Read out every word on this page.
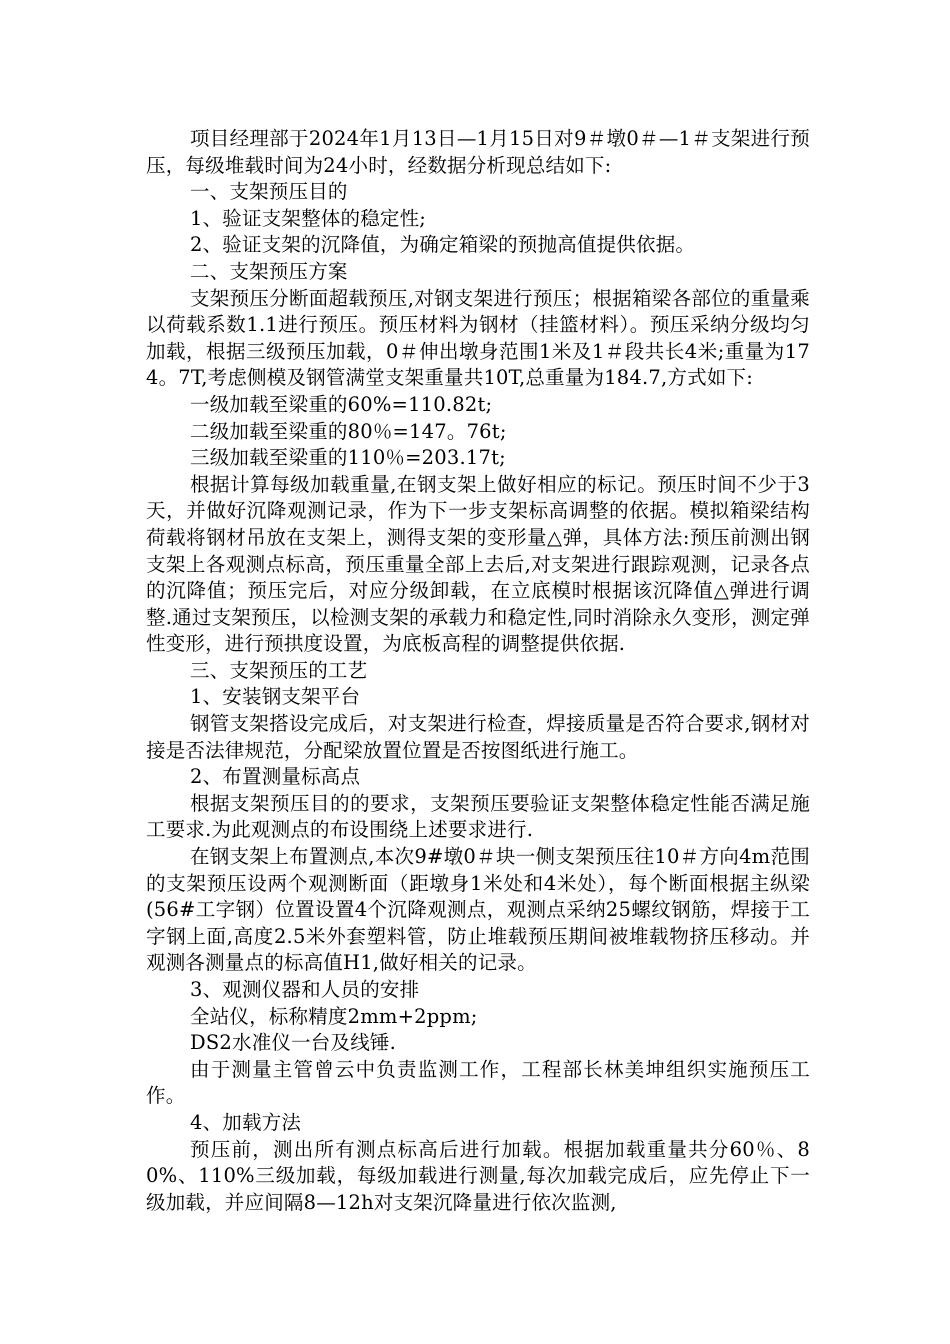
项目经理部于2024年1月13日—1月15日对9＃墩0＃—1＃支架进行预压，每级堆载时间为24小时，经数据分析现总结如下:

一、支架预压目的

1、验证支架整体的稳定性;

2、验证支架的沉降值，为确定箱梁的预抛高值提供依据。

二、支架预压方案

支架预压分断面超载预压,对钢支架进行预压；根据箱梁各部位的重量乘以荷载系数1.1进行预压。预压材料为钢材（挂篮材料）。预压采纳分级均匀加载，根据三级预压加载，0＃伸出墩身范围1米及1＃段共长4米;重量为174。7T,考虑侧模及钢管满堂支架重量共10T,总重量为184.7,方式如下:

一级加载至梁重的60%=110.82t;

二级加载至梁重的80％=147。76t;

三级加载至梁重的110％=203.17t;

根据计算每级加载重量,在钢支架上做好相应的标记。预压时间不少于3天，并做好沉降观测记录，作为下一步支架标高调整的依据。模拟箱梁结构荷载将钢材吊放在支架上，测得支架的变形量△弹，具体方法:预压前测出钢支架上各观测点标高，预压重量全部上去后,对支架进行跟踪观测，记录各点的沉降值；预压完后，对应分级卸载，在立底模时根据该沉降值△弹进行调整.通过支架预压，以检测支架的承载力和稳定性,同时消除永久变形，测定弹性变形，进行预拱度设置，为底板高程的调整提供依据.

三、支架预压的工艺

1、安装钢支架平台

钢管支架搭设完成后，对支架进行检查，焊接质量是否符合要求,钢材对接是否法律规范，分配梁放置位置是否按图纸进行施工。

2、布置测量标高点

根据支架预压目的的要求，支架预压要验证支架整体稳定性能否满足施工要求.为此观测点的布设围绕上述要求进行.

在钢支架上布置测点,本次9#墩0＃块一侧支架预压往10＃方向4m范围的支架预压设两个观测断面（距墩身1米处和4米处），每个断面根据主纵梁(56#工字钢）位置设置4个沉降观测点，观测点采纳25螺纹钢筋，焊接于工字钢上面,高度2.5米外套塑料管，防止堆载预压期间被堆载物挤压移动。并观测各测量点的标高值H1,做好相关的记录。

3、观测仪器和人员的安排

全站仪，标称精度2mm+2ppm;

DS2水准仪一台及线锤.

由于测量主管曾云中负责监测工作，工程部长林美坤组织实施预压工作。

4、加载方法

预压前，测出所有测点标高后进行加载。根据加载重量共分60％、80%、110%三级加载，每级加载进行测量,每次加载完成后，应先停止下一级加载，并应间隔8—12h对支架沉降量进行依次监测,
